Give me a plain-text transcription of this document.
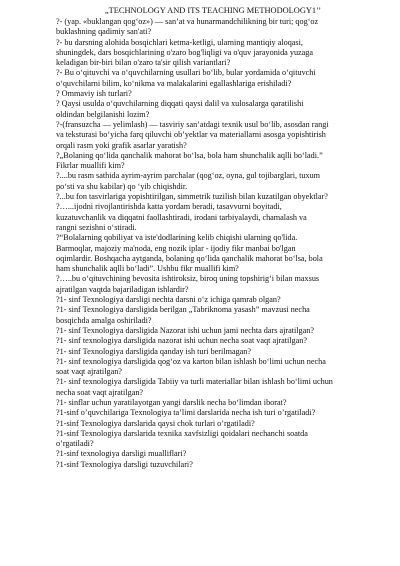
„TECHNOLOGY AND ITS TEACHING METHODOLOGY1’’
?- (yap. «buklangan qog‘oz») — san’at va hunarmandchilikning bir turi; qog‘oz
buklashning qadimiy san'ati?
?- bu darsning alohida bosqichlari ketma-ketligi, ularning mantiqiy aloqasi,
shuningdek, dars bosqichlarining o'zaro bog'liqligi va o'quv jarayonida yuzaga
keladigan bir-biri bilan o'zaro ta'sir qilish variantlari?
?- Bu o‘qituvchi va o‘quvchilarning usullari bo‘lib, bular yordamida o‘qituvchi
o‘quvchilarni bilim, ko‘nikma va malakalarini egallashlariga erishiladi?
? Ommaviy ish turlari?
? Qaysi usulda o‘quvchilarning diqqati qaysi dalil va xulosalarga qaratilishi
oldindan belgilanishi lozim?
?-(fransuzcha — yelimlash) — tasviriy san’atdagi texnik usul bo‘lib, asosdan rangi
va teksturasi bo‘yicha farq qiluvchi ob’yektlar va materiallarni asosga yopishtirish
orqali rasm yoki grafik asarlar yaratish?
?„Bolaning qo‘lida qanchalik mahorat bo‘lsa, bola ham shunchalik aqlli bo‘ladi.”
Fikrlar muallifi kim?
?....bu rasm sathida ayrim-ayrim parchalar (qog‘oz, oyna, gul tojibarglari, tuxum
po‘sti va shu kabilar) qo ‘yib chiqishdir.
?...bu fon tasvirlariga yopishtirilgan, simmetrik tuzilish bilan kuzatilgan obyektlar?
?…...ijodni rivojlantirishda katta yordam beradi, tasavvurni boyitadi,
kuzatuvchanlik va diqqatni faollashtiradi, irodani tarbiyalaydi, chamalash va
rangni sezishni o‘stiradi.
?“Bolalarning qobiliyat va iste'dodlarining kelib chiqishi ularning qo'lida.
Barmoqlar, majoziy ma'noda, eng nozik iplar - ijodiy fikr manbai bo'lgan
oqimlardir. Boshqacha aytganda, bolaning qo‘lida qanchalik mahorat bo‘lsa, bola
ham shunchalik aqlli bo‘ladi”. Ushbu fikr muallifi kim?
?…..bu o‘qituvchining bevosita ishtiroksiz, biroq uning topshirig‘i bilan maxsus
ajratilgan vaqtda bajariladigan ishlardir?
?1- sinf Texnologiya darsligi nechta darsni o‘z ichiga qamrab olgan?
?1- sinf Texnologiya darsligida berilgan „Tabriknoma yasash” mavzusi necha
bosqichda amalga oshiriladi?
?1- sinf Texnologiya darsligida Nazorat ishi uchun jami nechta dars ajratilgan?
?1- sinf texnologiya darsligida nazorat ishi uchun necha soat vaqt ajratilgan?
?1- sinf Texnologiya darsligida qanday ish turi berilmagan?
?1- sinf texnologiya darsligida qog‘oz va karton bilan ishlash bo‘limi uchun necha
soat vaqt ajratilgan?
?1- sinf texnologiya darsligida Tabiiy va turli materiallar bilan ishlash bo‘limi uchun
necha soat vaqt ajratilgan?
?1- sinflar uchun yaratilayotgan yangi darslik necha bo‘limdan iborat?
?1-sinf o’quvchilariga Texnologiya ta’limi darslarida necha ish turi o’rgatiladi?
?1-sinf Texnologiya darslarida qaysi chok turlari o’rgatiladi?
?1-sinf Texnologiya darslarida texnika xavfsizligi qoidalari nechanchi soatda
o’rgatiladi?
?1-sinf texnologiya darsligi mualliflari?
?1-sinf Texnologiya darsligi tuzuvchilari?
